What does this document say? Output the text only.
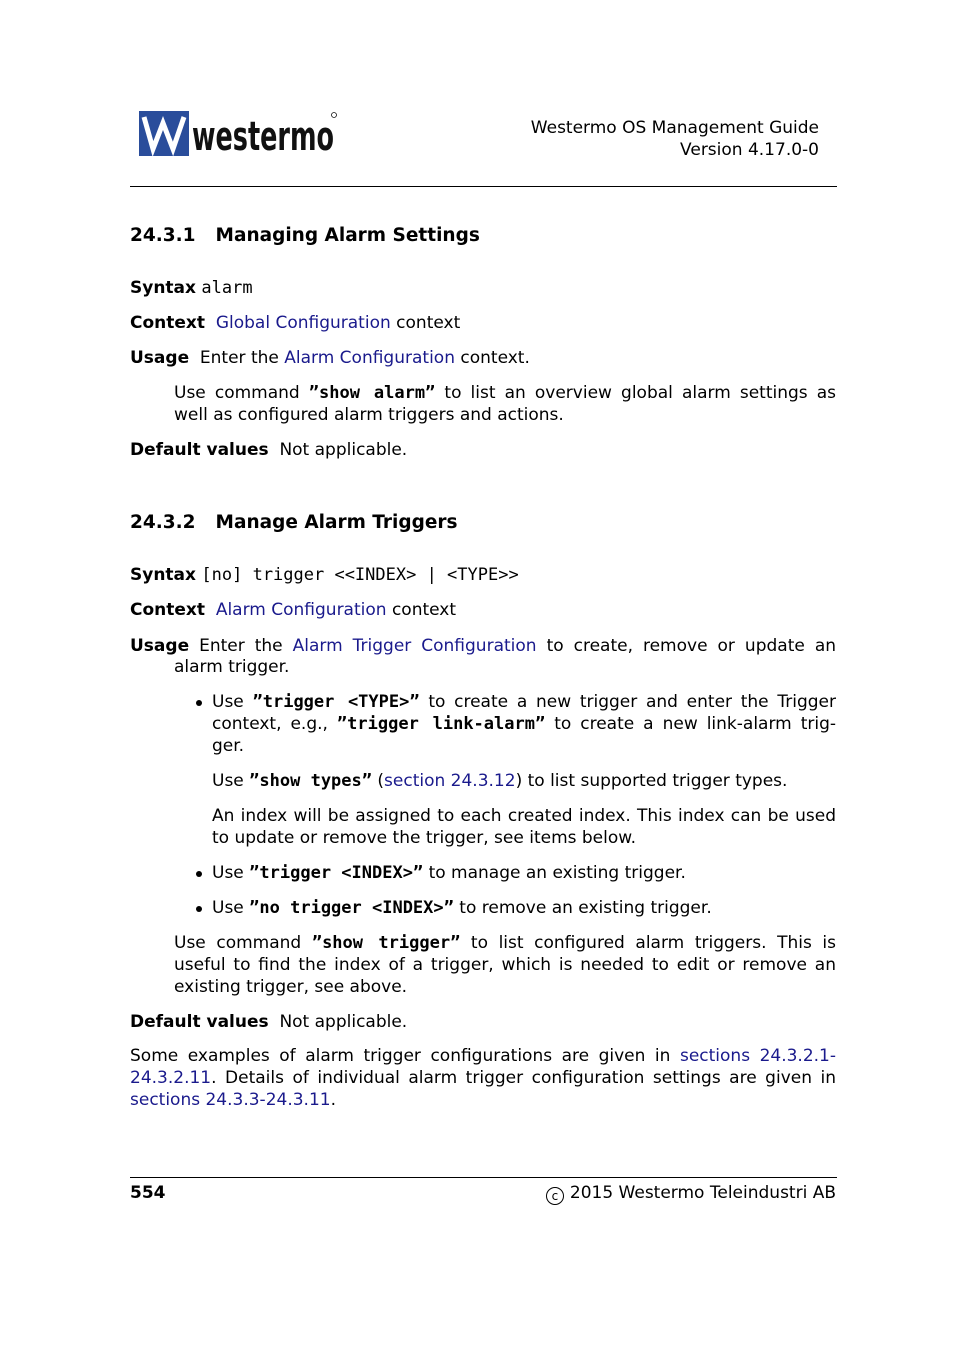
westermo	Westermo OS Management Guide
Version 4.17.0-0
24.3.1 Managing Alarm Settings
Syntax alarm
Context Global Configuration context
Usage Enter the Alarm Configuration context.
Use command ”show alarm” to list an overview global alarm settings as
well as configured alarm triggers and actions.
Default values Not applicable.
24.3.2 Manage Alarm Triggers
Syntax [no] trigger <<INDEX> | <TYPE>>
Context Alarm Configuration context
Usage Enter the Alarm Trigger Configuration to create, remove or update an
alarm trigger.
Use ”trigger <TYPE>” to create a new trigger and enter the Trigger
context, e.g., ”trigger link-alarm” to create a new link-alarm trig-
ger.
Use ”show types” (section 24.3.12) to list supported trigger types.
An index will be assigned to each created index. This index can be used
to update or remove the trigger, see items below.
Use ”trigger <INDEX>” to manage an existing trigger.
Use ”no trigger <INDEX>” to remove an existing trigger.
Use command ”show trigger” to list configured alarm triggers. This is
useful to find the index of a trigger, which is needed to edit or remove an
existing trigger, see above.
Default values Not applicable.
Some examples of alarm trigger configurations are given in sections 24.3.2.1-
24.3.2.11. Details of individual alarm trigger configuration settings are given in
sections 24.3.3-24.3.11.
554	c 2015 Westermo Teleindustri AB
